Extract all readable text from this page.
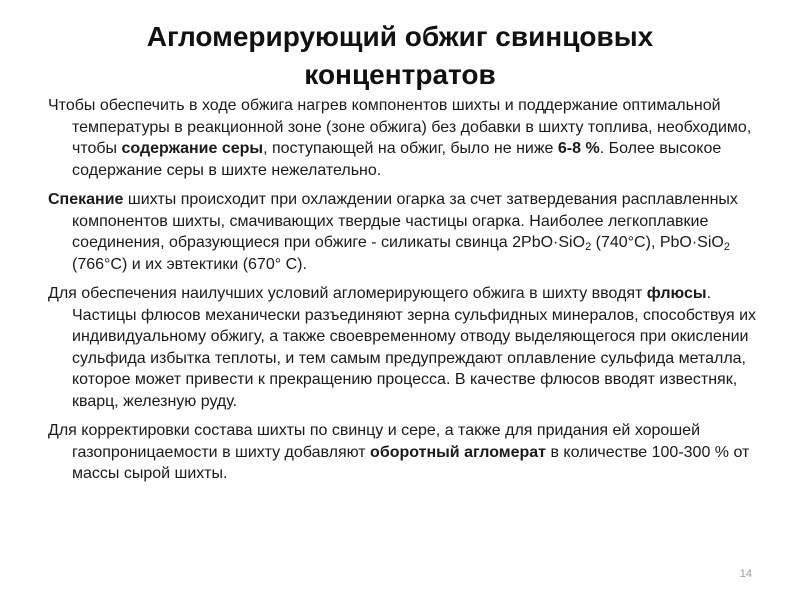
Агломерирующий обжиг свинцовых
концентратов

Чтобы обеспечить в ходе обжига нагрев компонентов шихты и поддержание оптимальной температуры в реакционной зоне (зоне обжига) без добавки в шихту топлива, необходимо, чтобы содержание серы, поступающей на обжиг, было не ниже 6-8 %. Более высокое содержание серы в шихте нежелательно.

Спекание шихты происходит при охлаждении огарка за счет затвердевания расплавленных компонентов шихты, смачивающих твердые частицы огарка. Наиболее легкоплавкие соединения, образующиеся при обжиге - силикаты свинца 2PbO·SiO$_2$ (740°C), PbO·SiO$_2$ (766°C) и их эвтектики (670° C).

Для обеспечения наилучших условий агломерирующего обжига в шихту вводят флюсы. Частицы флюсов механически разъединяют зерна сульфидных минералов, способствуя их индивидуальному обжигу, а также своевременному отводу выделяющегося при окислении сульфида избытка теплоты, и тем самым предупреждают оплавление сульфида металла, которое может привести к прекращению процесса. В качестве флюсов вводят известняк, кварц, железную руду.

Для корректировки состава шихты по свинцу и сере, а также для придания ей хорошей газопроницаемости в шихту добавляют оборотный агломерат в количестве 100-300 % от массы сырой шихты.

14
